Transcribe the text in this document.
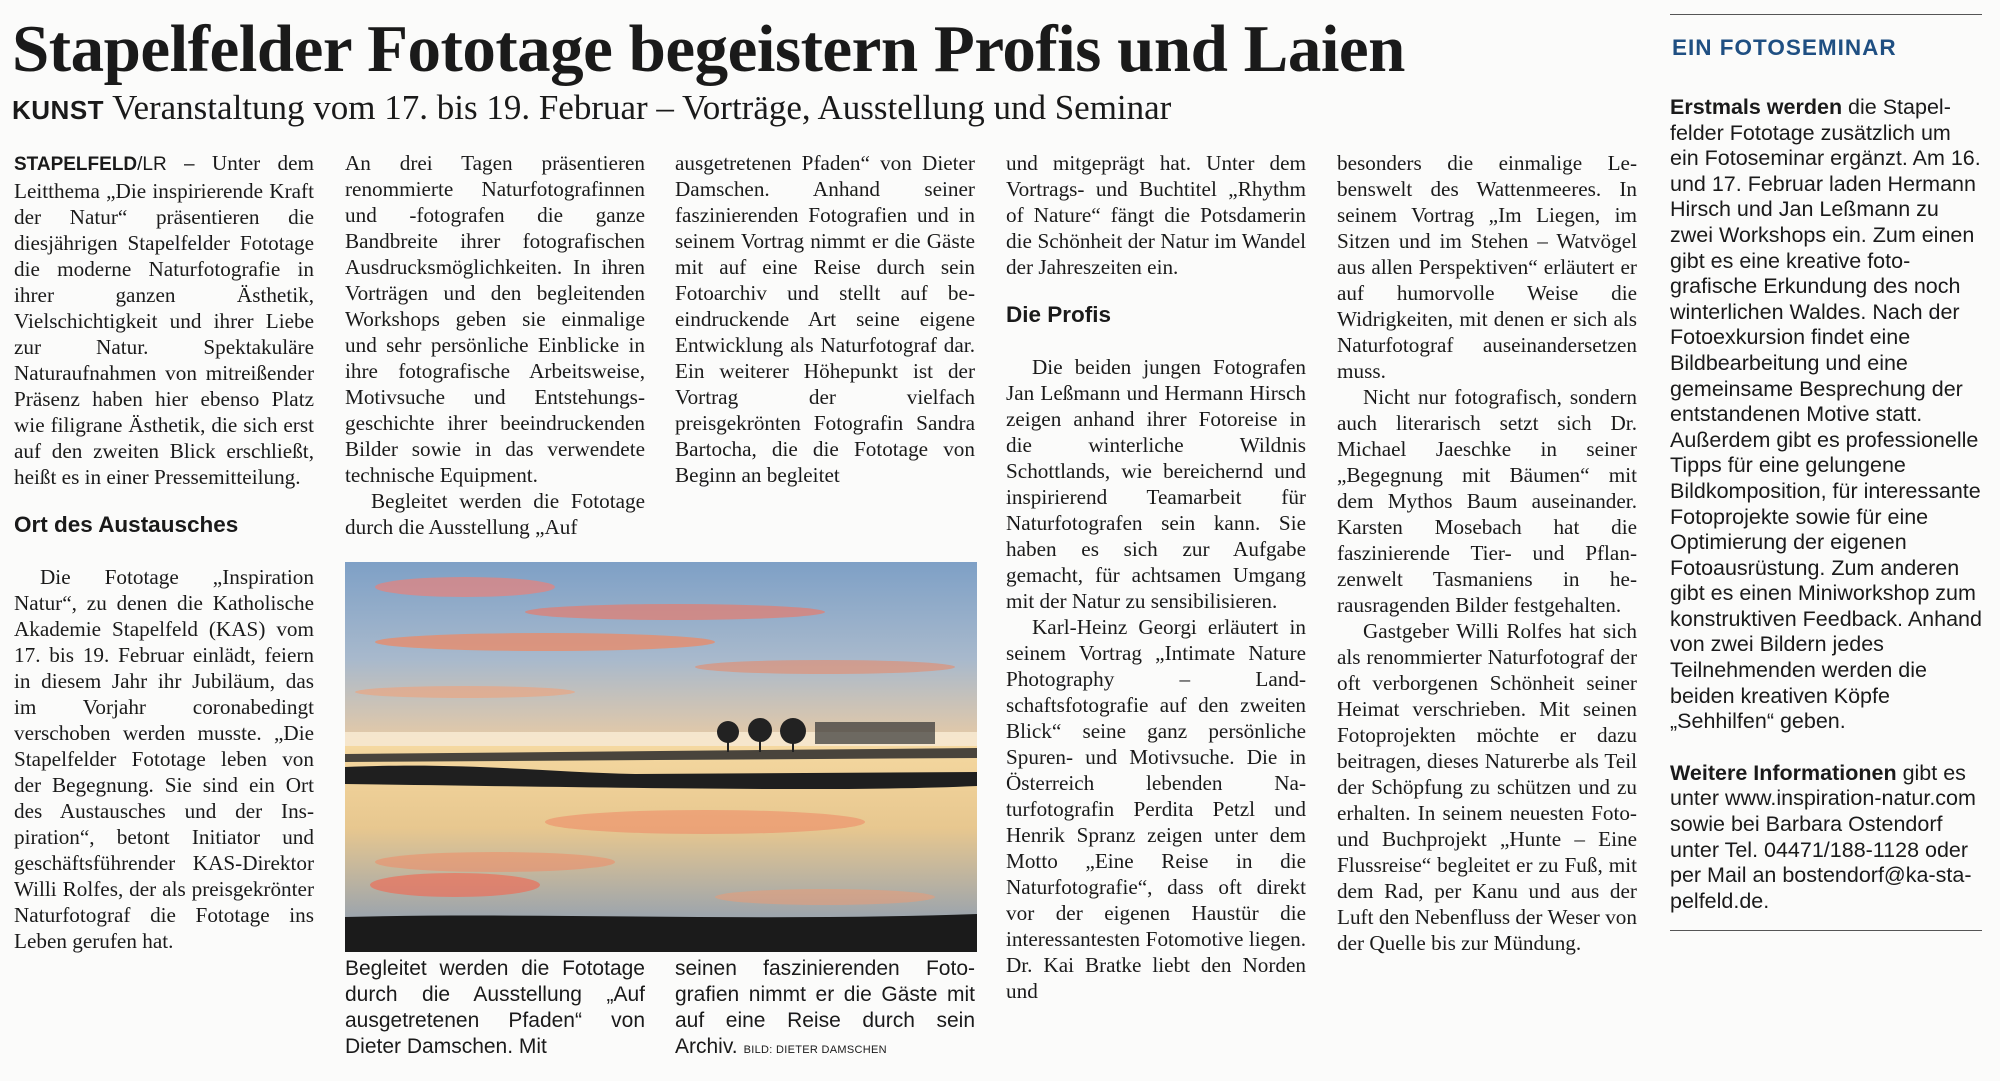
Stapelfelder Fototage begeistern Profis und Laien
KUNST Veranstaltung vom 17. bis 19. Februar – Vorträge, Ausstellung und Seminar

STAPELFELD/LR – Unter dem Leitthema „Die inspirierende Kraft der Natur“ präsentieren die diesjährigen Stapelfelder Fototage die moderne Naturfotografie in ihrer ganzen Ästhetik, Vielschichtigkeit und ihrer Liebe zur Natur. Spektakuläre Naturaufnahmen von mitreißender Präsenz haben hier ebenso Platz wie filigrane Ästhetik, die sich erst auf den zweiten Blick erschließt, heißt es in einer Pressemitteilung.

Ort des Austausches

Die Fototage „Inspiration Natur“, zu denen die Katholische Akademie Stapelfeld (KAS) vom 17. bis 19. Februar einlädt, feiern in diesem Jahr ihr Jubiläum, das im Vorjahr coronabedingt verschoben werden musste. „Die Stapelfelder Fototage leben von der Begegnung. Sie sind ein Ort des Austausches und der Inspiration“, betont Initiator und geschäftsführender KAS-Direktor Willi Rolfes, der als preisgekrönter Naturfotograf die Fototage ins Leben gerufen hat.

An drei Tagen präsentieren renommierte Naturfotografinnen und -fotografen die ganze Bandbreite ihrer fotografischen Ausdrucksmöglichkeiten. In ihren Vorträgen und den begleitenden Workshops geben sie einmalige und sehr persönliche Einblicke in ihre fotografische Arbeitsweise, Motivsuche und Entstehungsgeschichte ihrer beeindruckenden Bilder sowie in das verwendete technische Equipment.

Begleitet werden die Fototage durch die Ausstellung „Auf

ausgetretenen Pfaden“ von Dieter Damschen. Anhand seiner faszinierenden Fotografien und in seinem Vortrag nimmt er die Gäste mit auf eine Reise durch sein Fotoarchiv und stellt auf beeindruckende Art seine eigene Entwicklung als Naturfotograf dar. Ein weiterer Höhepunkt ist der Vortrag der vielfach preisgekrönten Fotografin Sandra Bartocha, die die Fototage von Beginn an begleitet

und mitgeprägt hat. Unter dem Vortrags- und Buchtitel „Rhythm of Nature“ fängt die Potsdamerin die Schönheit der Natur im Wandel der Jahreszeiten ein.

Die Profis

Die beiden jungen Fotografen Jan Leßmann und Hermann Hirsch zeigen anhand ihrer Fotoreise in die winterliche Wildnis Schottlands, wie bereichernd und inspirierend Teamarbeit für Naturfotografen sein kann. Sie haben es sich zur Aufgabe gemacht, für achtsamen Umgang mit der Natur zu sensibilisieren.

Karl-Heinz Georgi erläutert in seinem Vortrag „Intimate Nature Photography – Landschaftsfotografie auf den zweiten Blick“ seine ganz persönliche Spuren- und Motivsuche. Die in Österreich lebenden Naturfotografin Perdita Petzl und Henrik Spranz zeigen unter dem Motto „Eine Reise in die Naturfotografie“, dass oft direkt vor der eigenen Haustür die interessantesten Fotomotive liegen. Dr. Kai Bratke liebt den Norden und

besonders die einmalige Lebenswelt des Wattenmeeres. In seinem Vortrag „Im Liegen, im Sitzen und im Stehen – Watvögel aus allen Perspektiven“ erläutert er auf humorvolle Weise die Widrigkeiten, mit denen er sich als Naturfotograf auseinandersetzen muss.

Nicht nur fotografisch, sondern auch literarisch setzt sich Dr. Michael Jaeschke in seiner „Begegnung mit Bäumen“ mit dem Mythos Baum auseinander. Karsten Mosebach hat die faszinierende Tier- und Pflanzenwelt Tasmaniens in herausragenden Bilder festgehalten.

Gastgeber Willi Rolfes hat sich als renommierter Naturfotograf der oft verborgenen Schönheit seiner Heimat verschrieben. Mit seinen Fotoprojekten möchte er dazu beitragen, dieses Naturerbe als Teil der Schöpfung zu schützen und zu erhalten. In seinem neuesten Foto- und Buchprojekt „Hunte – Eine Flussreise“ begleitet er zu Fuß, mit dem Rad, per Kanu und aus der Luft den Nebenfluss der Weser von der Quelle bis zur Mündung.

Begleitet werden die Fototage durch die Ausstellung „Auf ausgetretenen Pfaden“ von Dieter Damschen. Mit

seinen faszinierenden Fotografien nimmt er die Gäste mit auf eine Reise durch sein Archiv. BILD: DIETER DAMSCHEN

EIN FOTOSEMINAR

Erstmals werden die Stapelfelder Fototage zusätzlich um ein Fotoseminar ergänzt. Am 16. und 17. Februar laden Hermann Hirsch und Jan Leßmann zu zwei Workshops ein. Zum einen gibt es eine kreative fotografische Erkundung des noch winterlichen Waldes. Nach der Fotoexkursion findet eine Bildbearbeitung und eine gemeinsame Besprechung der entstandenen Motive statt. Außerdem gibt es professionelle Tipps für eine gelungene Bildkomposition, für interessante Fotoprojekte sowie für eine Optimierung der eigenen Fotoausrüstung. Zum anderen gibt es einen Miniworkshop zum konstruktiven Feedback. Anhand von zwei Bildern jedes Teilnehmenden werden die beiden kreativen Köpfe „Sehhilfen“ geben.

Weitere Informationen gibt es unter www.inspiration-natur.com sowie bei Barbara Ostendorf unter Tel. 04471/188-1128 oder per Mail an bostendorf@ka-stapelfeld.de.
